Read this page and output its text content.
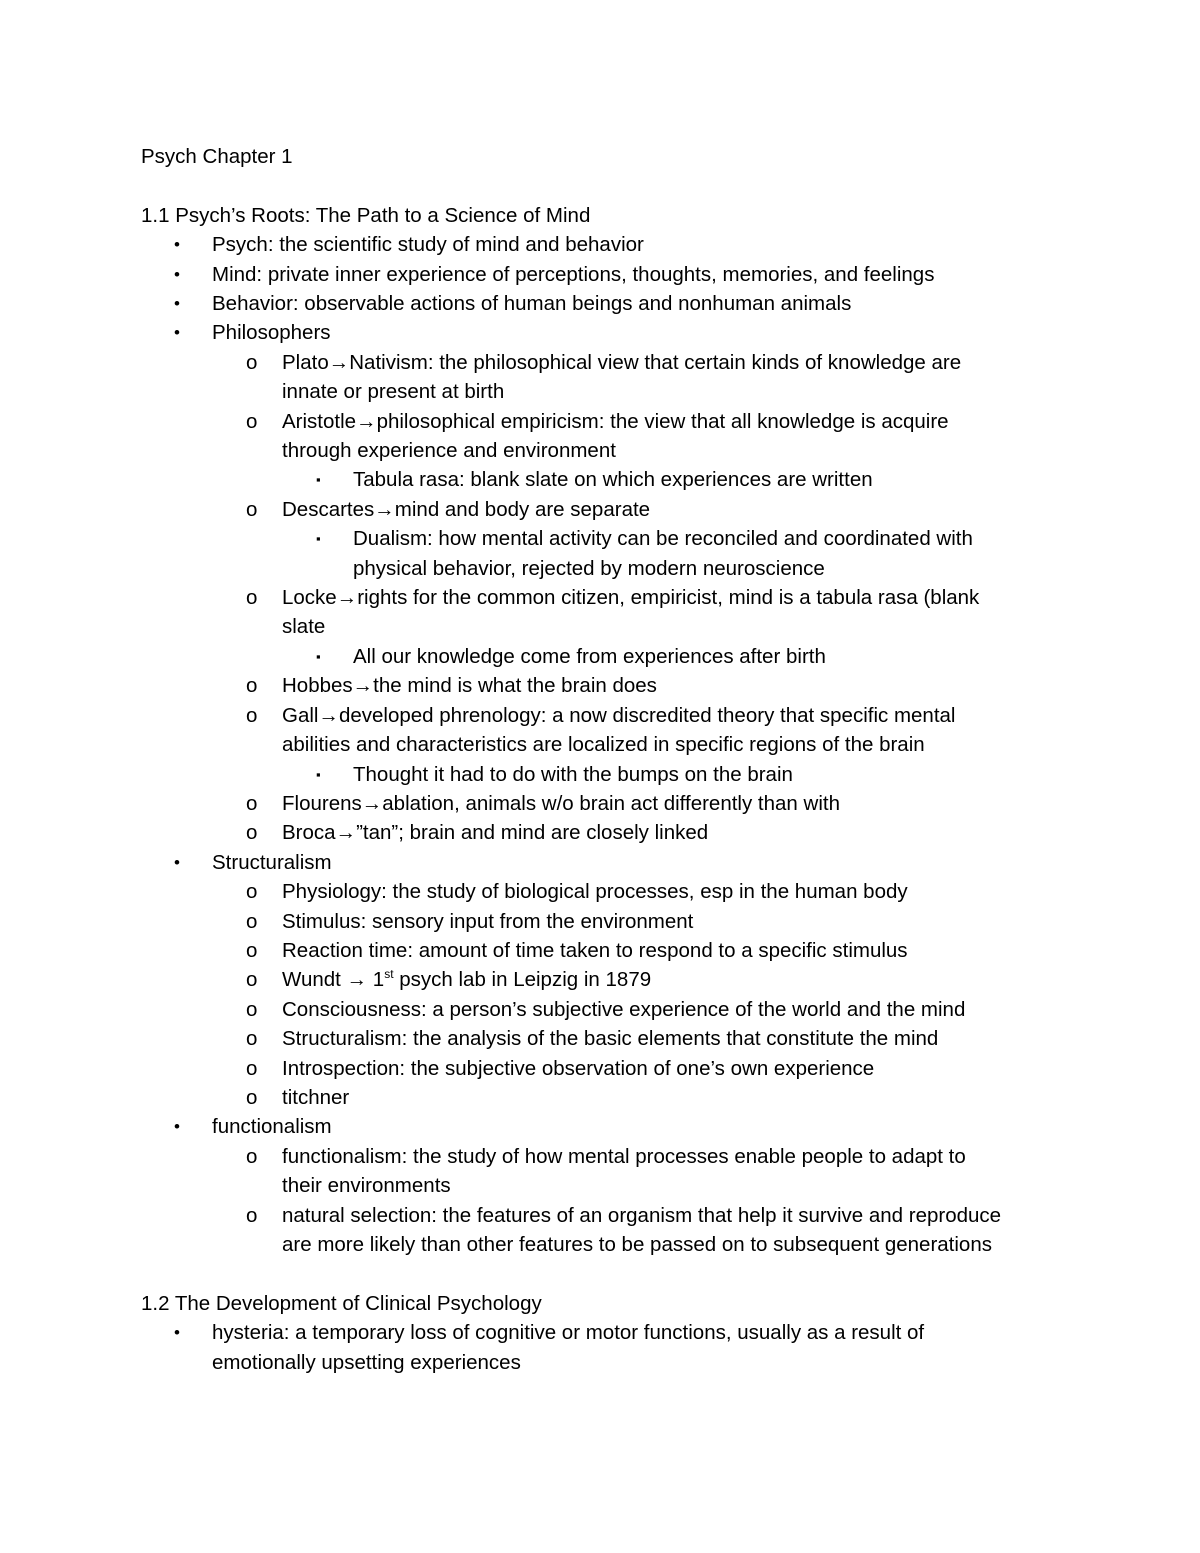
Psych Chapter 1
1.1 Psych’s Roots: The Path to a Science of Mind
• Psych: the scientific study of mind and behavior
• Mind: private inner experience of perceptions, thoughts, memories, and feelings
• Behavior: observable actions of human beings and nonhuman animals
• Philosophers
o Plato→Nativism: the philosophical view that certain kinds of knowledge are
innate or present at birth
o Aristotle→philosophical empiricism: the view that all knowledge is acquire
through experience and environment
▪ Tabula rasa: blank slate on which experiences are written
o Descartes→mind and body are separate
▪ Dualism: how mental activity can be reconciled and coordinated with
physical behavior, rejected by modern neuroscience
o Locke→rights for the common citizen, empiricist, mind is a tabula rasa (blank
slate
▪ All our knowledge come from experiences after birth
o Hobbes→the mind is what the brain does
o Gall→developed phrenology: a now discredited theory that specific mental
abilities and characteristics are localized in specific regions of the brain
▪ Thought it had to do with the bumps on the brain
o Flourens→ablation, animals w/o brain act differently than with
o Broca→”tan”; brain and mind are closely linked
• Structuralism
o Physiology: the study of biological processes, esp in the human body
o Stimulus: sensory input from the environment
o Reaction time: amount of time taken to respond to a specific stimulus
o Wundt → 1st psych lab in Leipzig in 1879
o Consciousness: a person’s subjective experience of the world and the mind
o Structuralism: the analysis of the basic elements that constitute the mind
o Introspection: the subjective observation of one’s own experience
o titchner
• functionalism
o functionalism: the study of how mental processes enable people to adapt to
their environments
o natural selection: the features of an organism that help it survive and reproduce
are more likely than other features to be passed on to subsequent generations
1.2 The Development of Clinical Psychology
• hysteria: a temporary loss of cognitive or motor functions, usually as a result of
emotionally upsetting experiences
